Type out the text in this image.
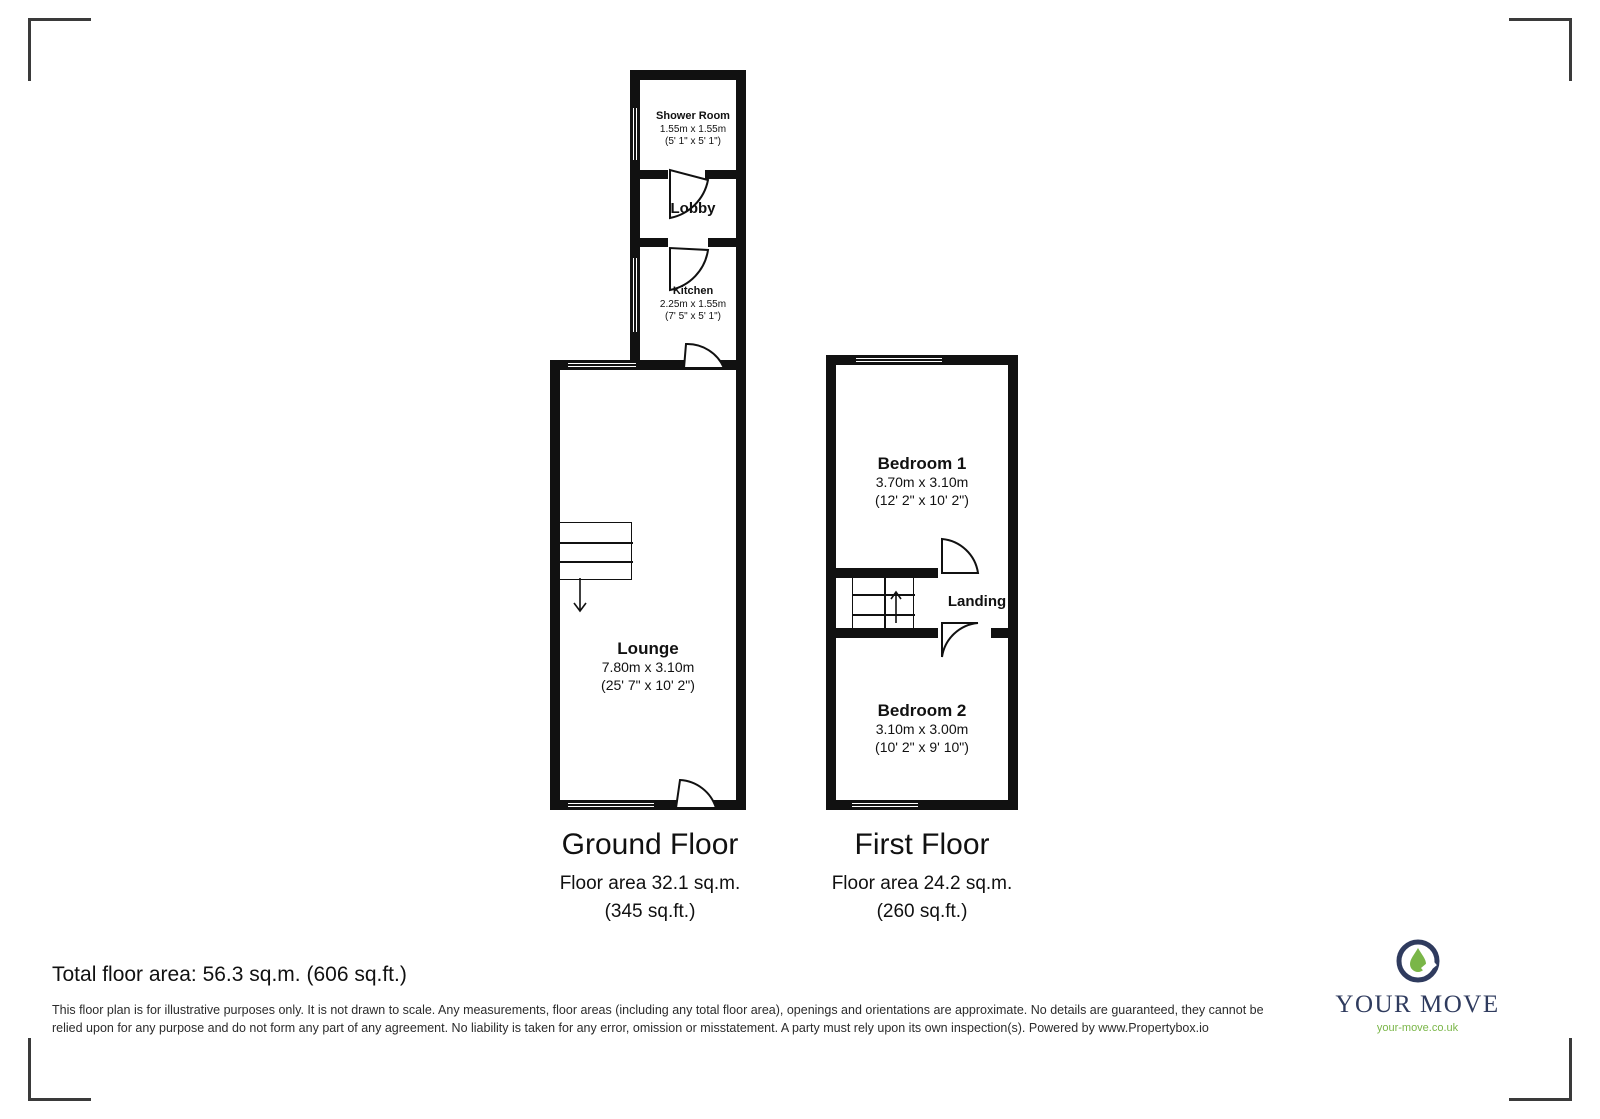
Shower Room
1.55m x 1.55m
(5' 1" x 5' 1")
Lobby
Kitchen
2.25m x 1.55m
(7' 5" x 5' 1")
Lounge
7.80m x 3.10m
(25' 7" x 10' 2")
Bedroom 1
3.70m x 3.10m
(12' 2" x 10' 2")
Landing
Bedroom 2
3.10m x 3.00m
(10' 2" x 9' 10")
Ground Floor
Floor area 32.1 sq.m.
(345 sq.ft.)
First Floor
Floor area 24.2 sq.m.
(260 sq.ft.)
Total floor area: 56.3 sq.m. (606 sq.ft.)
This floor plan is for illustrative purposes only. It is not drawn to scale. Any measurements, floor areas (including any total floor area), openings and orientations are approximate. No details are guaranteed, they cannot be relied upon for any purpose and do not form any part of any agreement. No liability is taken for any error, omission or misstatement. A party must rely upon its own inspection(s). Powered by www.Propertybox.io
YOUR MOVE
your-move.co.uk
